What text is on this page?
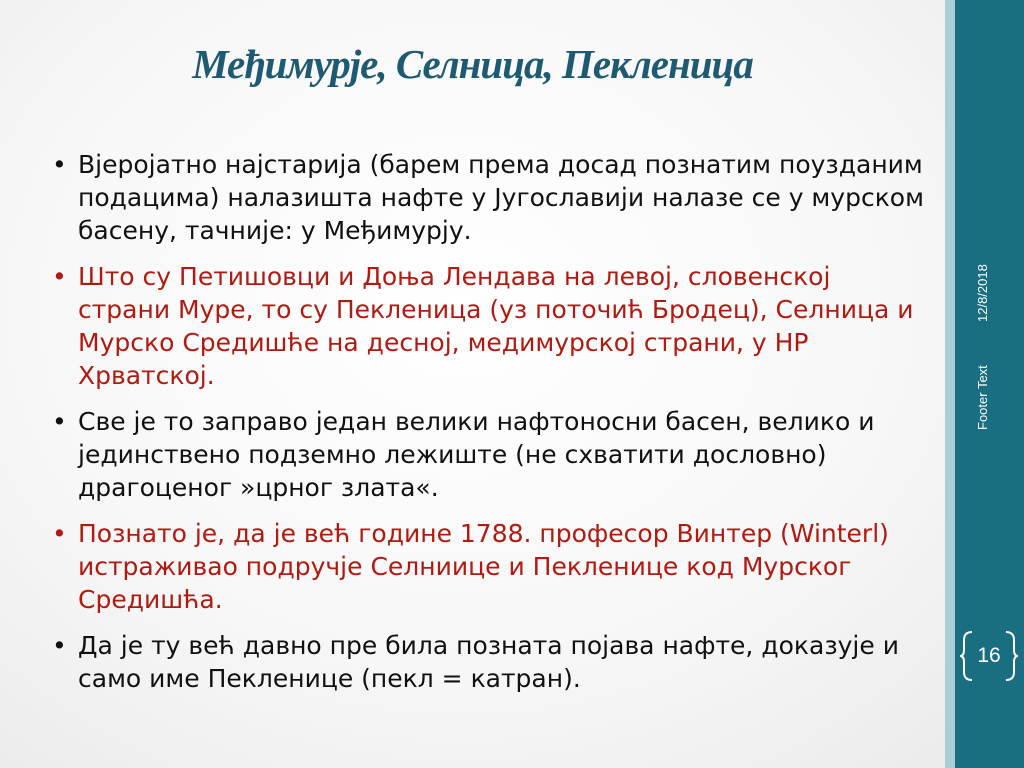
Међимурје, Селница, Пекленица
• Вјеројатно најстарија (барем према досад познатим поузданим подацима) налазишта нафте у Југославији налазе се у мурском басену, тачније: у Међимурју.
• Што су Петишовци и Доња Лендава на левој, словенској страни Муре, то су Пекленица (уз поточић Бродец), Селница и Мурско Средишће на десној, медимурској страни, у НР Хрватској.
• Све је то заправо један велики нафтоносни басен, велико и јединствено подземно лежиште (не схватити дословно) драгоценог »црног злата«.
• Познато је, да је већ године 1788. професор Винтер (Winterl) истраживао подручје Селниице и Пекленице код Мурског Средишћа.
• Да је ту већ давно пре била позната појава нафте, доказује и само име Пекленице (пекл = катран).
Footer Text
12/8/2018
16
